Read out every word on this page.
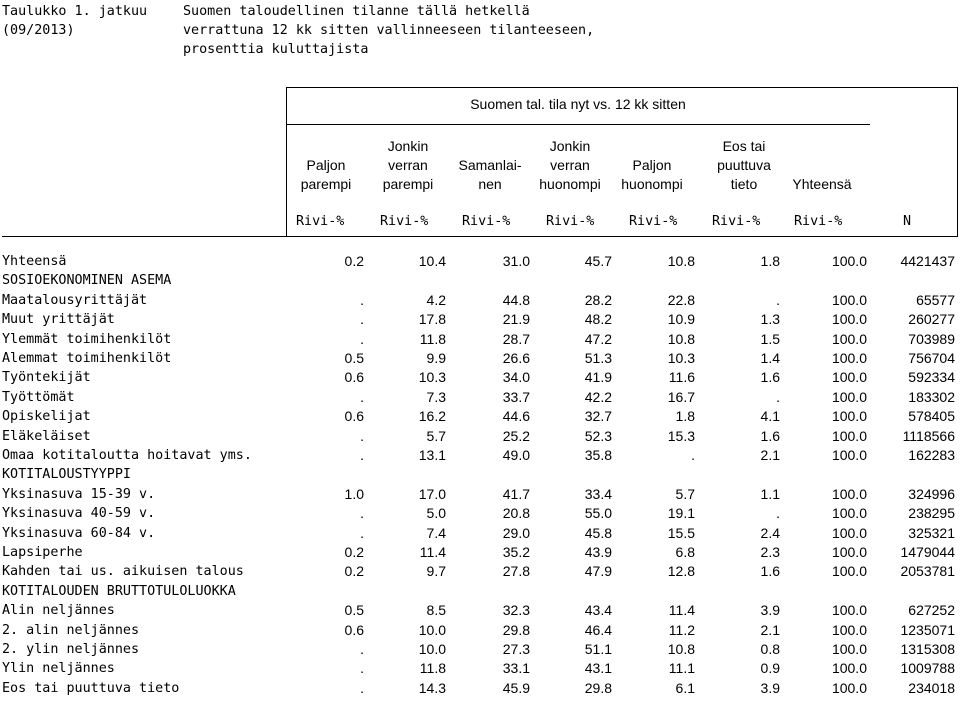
Taulukko 1. jatkuu
(09/2013)
Suomen taloudellinen tilanne tällä hetkellä
verrattuna 12 kk sitten vallinneeseen tilanteeseen,
prosenttia kuluttajista
Suomen tal. tila nyt vs. 12 kk sitten
Paljon
parempi
Jonkin
verran
parempi
Samanlai-
nen
Jonkin
verran
huonompi
Paljon
huonompi
Eos tai
puuttuva
tieto	Yhteensä
Rivi-%	Rivi-%	Rivi-%	Rivi-%	Rivi-%	Rivi-%	Rivi-%	N
Yhteensä	0.2	10.4	31.0	45.7	10.8	1.8	100.0 4421437
SOSIOEKONOMINEN ASEMA
Maatalousyrittäjät	.	4.2	44.8	28.2	22.8	.	100.0	65577
Muut yrittäjät	.	17.8	21.9	48.2	10.9	1.3	100.0	260277
Ylemmät toimihenkilöt	.	11.8	28.7	47.2	10.8	1.5	100.0	703989
Alemmat toimihenkilöt	0.5	9.9	26.6	51.3	10.3	1.4	100.0	756704
Työntekijät	0.6	10.3	34.0	41.9	11.6	1.6	100.0	592334
Työttömät	.	7.3	33.7	42.2	16.7	.	100.0	183302
Opiskelijat	0.6	16.2	44.6	32.7	1.8	4.1	100.0	578405
Eläkeläiset	.	5.7	25.2	52.3	15.3	1.6	100.0	1118566
Omaa kotitaloutta hoitavat yms.	.	13.1	49.0	35.8	.	2.1	100.0	162283
KOTITALOUSTYYPPI
Yksinasuva 15-39 v.	1.0	17.0	41.7	33.4	5.7	1.1	100.0	324996
Yksinasuva 40-59 v.	.	5.0	20.8	55.0	19.1	.	100.0	238295
Yksinasuva 60-84 v.	.	7.4	29.0	45.8	15.5	2.4	100.0	325321
Lapsiperhe	0.2	11.4	35.2	43.9	6.8	2.3	100.0 1479044
Kahden tai us. aikuisen talous	0.2	9.7	27.8	47.9	12.8	1.6	100.0 2053781
KOTITALOUDEN BRUTTOTULOLUOKKA
Alin neljännes	0.5	8.5	32.3	43.4	11.4	3.9	100.0	627252
2. alin neljännes	0.6	10.0	29.8	46.4	11.2	2.1	100.0 1235071
2. ylin neljännes	.	10.0	27.3	51.1	10.8	0.8	100.0 1315308
Ylin neljännes	.	11.8	33.1	43.1	11.1	0.9	100.0 1009788
Eos tai puuttuva tieto	.	14.3	45.9	29.8	6.1	3.9	100.0	234018
